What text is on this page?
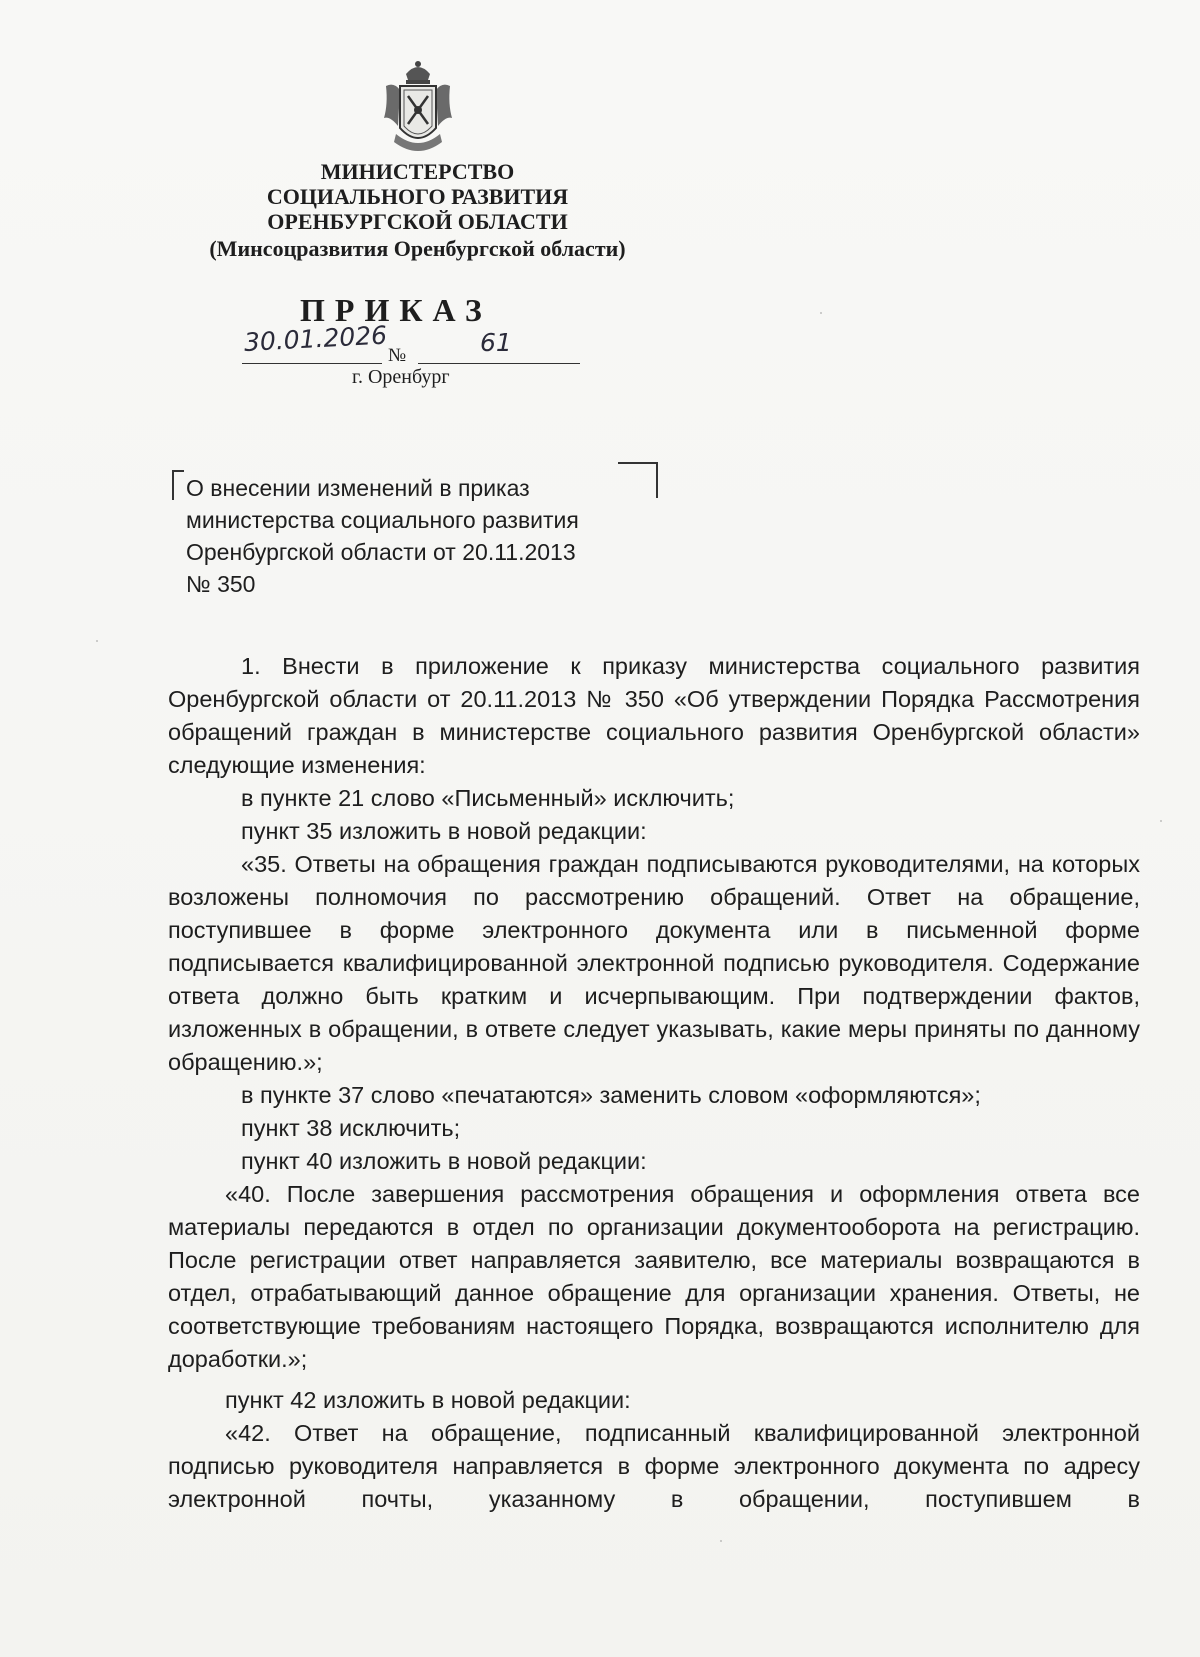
МИНИСТЕРСТВО
СОЦИАЛЬНОГО РАЗВИТИЯ
ОРЕНБУРГСКОЙ ОБЛАСТИ
(Минсоцразвития Оренбургской области)
ПРИКАЗ
30.01.2026 №	61
г. Оренбург
О внесении изменений в приказ
министерства социального развития
Оренбургской области от 20.11.2013
№ 350

1. Внести в приложение к приказу министерства социального развития Оренбургской области от 20.11.2013 № 350 «Об утверждении Порядка Рассмотрения обращений граждан в министерстве социального развития Оренбургской области» следующие изменения:

в пункте 21 слово «Письменный» исключить;

пункт 35 изложить в новой редакции:

«35. Ответы на обращения граждан подписываются руководителями, на которых возложены полномочия по рассмотрению обращений. Ответ на обращение, поступившее в форме электронного документа или в письменной форме подписывается квалифицированной электронной подписью руководителя. Содержание ответа должно быть кратким и исчерпывающим. При подтверждении фактов, изложенных в обращении, в ответе следует указывать, какие меры приняты по данному обращению.»;

в пункте 37 слово «печатаются» заменить словом «оформляются»;

пункт 38 исключить;

пункт 40 изложить в новой редакции:

«40. После завершения рассмотрения обращения и оформления ответа все материалы передаются в отдел по организации документооборота на регистрацию. После регистрации ответ направляется заявителю, все материалы возвращаются в отдел, отрабатывающий данное обращение для организации хранения. Ответы, не соответствующие требованиям настоящего Порядка, возвращаются исполнителю для доработки.»;

пункт 42 изложить в новой редакции:

«42. Ответ на обращение, подписанный квалифицированной электронной подписью руководителя направляется в форме электронного документа по адресу электронной почты, указанному в обращении, поступившем в
